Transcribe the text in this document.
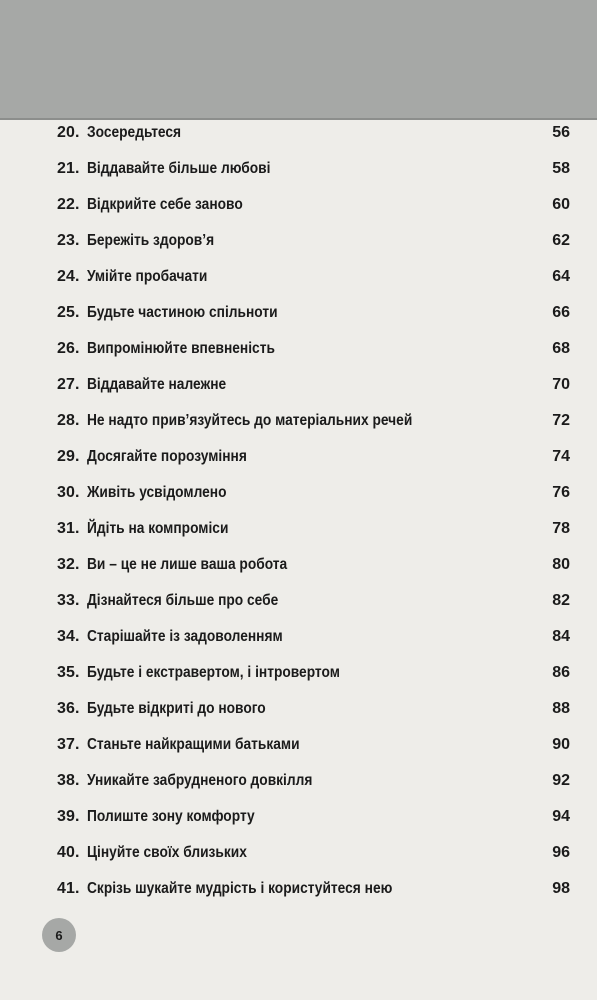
20. Зосередьтеся	56
21. Віддавайте більше любові	58
22. Відкрийте себе заново	60
23. Бережіть здоров’я	62
24. Умійте пробачати	64
25. Будьте частиною спільноти	66
26. Випромінюйте впевненість	68
27. Віддавайте належне	70
28. Не надто прив’язуйтесь до матеріальних речей	72
29. Досягайте порозуміння	74
30. Живіть усвідомлено	76
31. Йдіть на компроміси	78
32. Ви – це не лише ваша робота	80
33. Дізнайтеся більше про себе	82
34. Старішайте із задоволенням	84
35. Будьте і екстравертом, і інтровертом	86
36. Будьте відкриті до нового	88
37. Станьте найкращими батьками	90
38. Уникайте забрудненого довкілля	92
39. Полиште зону комфорту	94
40. Цінуйте своїх близьких	96
41. Скрізь шукайте мудрість і користуйтеся нею	98
6
